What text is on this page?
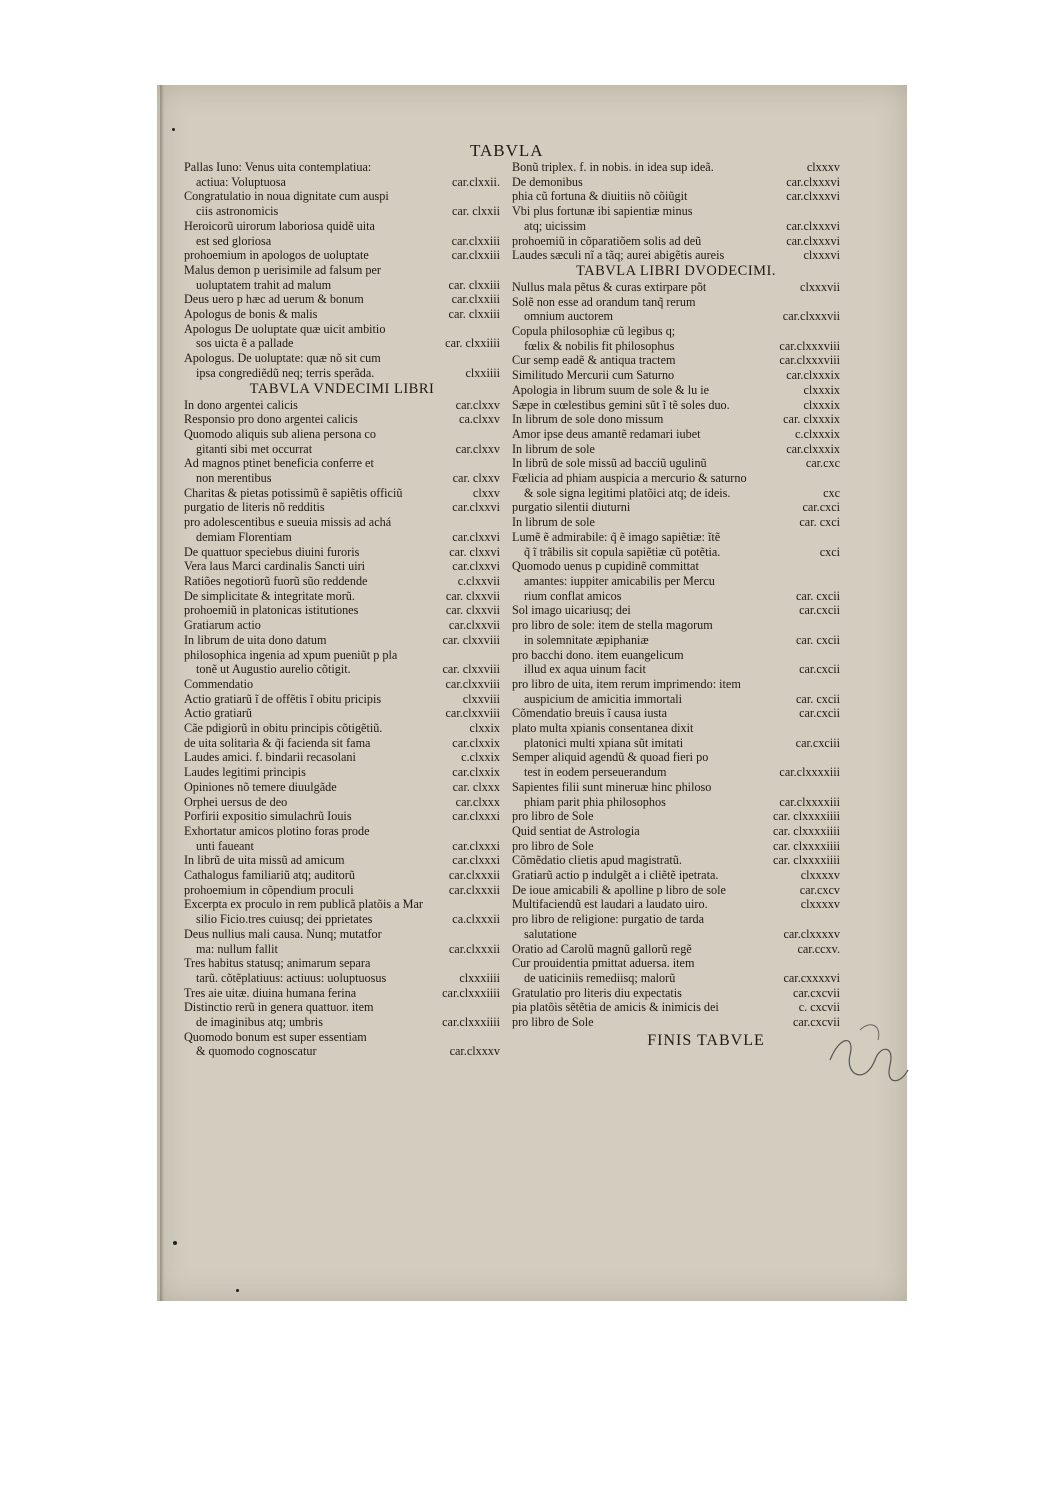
TABVLA
Pallas Iuno: Venus uita contemplatiua:
actiua: Voluptuosa	car.clxxii.
Congratulatio in noua dignitate cum auspi
ciis astronomicis	car. clxxii
Heroicorũ uirorum laboriosa quidẽ uita
est sed gloriosa	car.clxxiii
prohoemium in apologos de uoluptate	car.clxxiii
Malus demon p uerisimile ad falsum per
uoluptatem trahit ad malum	car. clxxiii
Deus uero p hæc ad uerum & bonum	car.clxxiii
Apologus de bonis & malis	car. clxxiii
Apologus De uoluptate quæ uicit ambitio
sos uicta ẽ a pallade	car. clxxiiii
Apologus. De uoluptate: quæ nõ sit cum
ipsa congrediẽdũ neq; terris sperãda.	clxxiiii
TABVLA VNDECIMI LIBRI
In dono argentei calicis	car.clxxv
Responsio pro dono argentei calicis	ca.clxxv
Quomodo aliquis sub aliena persona co
gitanti sibi met occurrat	car.clxxv
Ad magnos ptinet beneficia conferre et
non merentibus	car. clxxv
Charitas & pietas potissimũ ẽ sapiẽtis officiũ	clxxv
purgatio de literis nõ redditis	car.clxxvi
pro adolescentibus e sueuia missis ad achá
demiam Florentiam	car.clxxvi
De quattuor speciebus diuini furoris	car. clxxvi
Vera laus Marci cardinalis Sancti uiri	car.clxxvi
Ratiões negotiorũ fuorũ sũo reddende	c.clxxvii
De simplicitate & integritate morũ.	car. clxxvii
prohoemiũ in platonicas istitutiones	car. clxxvii
Gratiarum actio	car.clxxvii
In librum de uita dono datum	car. clxxviii
philosophica ingenia ad xpum pueniũt p pla
tonẽ ut Augustio aurelio cõtigit.	car. clxxviii
Commendatio	car.clxxviii
Actio gratiarũ ĩ de offẽtis ĩ obitu pricipis	clxxviii
Actio gratiarũ	car.clxxviii
Cãe pdigiorũ in obitu principis cõtigẽtiũ.	clxxix
de uita solitaria & q̃i facienda sit fama	car.clxxix
Laudes amici. f. bindarii recasolani	c.clxxix
Laudes legitimi principis	car.clxxix
Opiniones nõ temere diuulgãde	car. clxxx
Orphei uersus de deo	car.clxxx
Porfirii expositio simulachrũ Iouis	car.clxxxi
Exhortatur amicos plotino foras prode
unti faueant	car.clxxxi
In librũ de uita missũ ad amicum	car.clxxxi
Cathalogus familiariũ atq; auditorũ	car.clxxxii
prohoemium in cõpendium proculi	car.clxxxii
Excerpta ex proculo in rem publicã platõis a Mar
silio Ficio.tres cuiusq; dei pprietates	ca.clxxxii
Deus nullius mali causa. Nunq; mutatfor
ma: nullum fallit	car.clxxxii
Tres habitus statusq; animarum separa
tarũ. cõtẽplatiuus: actiuus: uoluptuosus	clxxxiiii
Tres aie uitæ. diuina humana ferina	car.clxxxiiii
Distinctio rerũ in genera quattuor. item
de imaginibus atq; umbris	car.clxxxiiii
Quomodo bonum est super essentiam
& quomodo cognoscatur	car.clxxxv
Bonũ triplex. f. in nobis. in idea sup ideã.	clxxxv
De demonibus	car.clxxxvi
phia cũ fortuna & diuitiis nõ cõiũgit	car.clxxxvi
Vbi plus fortunæ ibi sapientiæ minus
atq; uicissim	car.clxxxvi
prohoemiũ in cõparatiõem solis ad deũ	car.clxxxvi
Laudes sæculi nĩ a tãq; aurei abigẽtis aureis	clxxxvi
TABVLA LIBRI DVODECIMI.
Nullus mala pẽtus & curas extirpare põt	clxxxvii
Solẽ non esse ad orandum tanq̃ rerum
omnium auctorem	car.clxxxvii
Copula philosophiæ cũ legibus q;
fœlix & nobilis fit philosophus	car.clxxxviii
Cur semp eadẽ & antiqua tractem	car.clxxxviii
Similitudo Mercurii cum Saturno	car.clxxxix
Apologia in librum suum de sole & lu ie	clxxxix
Sæpe in cœlestibus gemini sũt ĩ tẽ soles duo.	clxxxix
In librum de sole dono missum	car. clxxxix
Amor ipse deus amantẽ redamari iubet	c.clxxxix
In librum de sole	car.clxxxix
In librũ de sole missũ ad bacciũ ugulinũ	car.cxc
Fœlicia ad phiam auspicia a mercurio & saturno
& sole signa legitimi platõici atq; de ideis.	cxc
purgatio silentii diuturni	car.cxci
In librum de sole	car. cxci
Lumẽ ẽ admirabile: q̃ ẽ imago sapiẽtiæ: ĩtẽ
q̃ ĩ trãbilis sit copula sapiẽtiæ cũ potẽtia.	cxci
Quomodo uenus p cupidinẽ committat
amantes: iuppiter amicabilis per Mercu
rium conflat amicos	car. cxcii
Sol imago uicariusq; dei	car.cxcii
pro libro de sole: item de stella magorum
in solemnitate æpiphaniæ	car. cxcii
pro bacchi dono. item euangelicum
illud ex aqua uinum facit	car.cxcii
pro libro de uita, item rerum imprimendo: item
auspicium de amicitia immortali	car. cxcii
Cõmendatio breuis ĩ causa iusta	car.cxcii
plato multa xpianis consentanea dixit
platonici multi xpiana sũt imitati	car.cxciii
Semper aliquid agendũ & quoad fieri po
test in eodem perseuerandum	car.clxxxxiii
Sapientes filii sunt mineruæ hinc philoso
phiam parit phia philosophos	car.clxxxxiii
pro libro de Sole	car. clxxxxiiii
Quid sentiat de Astrologia	car. clxxxxiiii
pro libro de Sole	car. clxxxxiiii
Cõmẽdatio clietis apud magistratũ.	car. clxxxxiiii
Gratiarũ actio p indulgẽt a i cliẽtẽ ipetrata.	clxxxxv
De ioue amicabili & apolline p libro de sole	car.cxcv
Multifaciendũ est laudari a laudato uiro.	clxxxxv
pro libro de religione: purgatio de tarda
salutatione	car.clxxxxv
Oratio ad Carolũ magnũ gallorũ regẽ	car.ccxv.
Cur prouidentia pmittat aduersa. item
de uaticiniis remediisq; malorũ	car.cxxxxvi
Gratulatio pro literis diu expectatis	car.cxcvii
pia platõis sẽtẽtia de amicis & inimicis dei	c. cxcvii
pro libro de Sole	car.cxcvii
FINIS TABVLE
